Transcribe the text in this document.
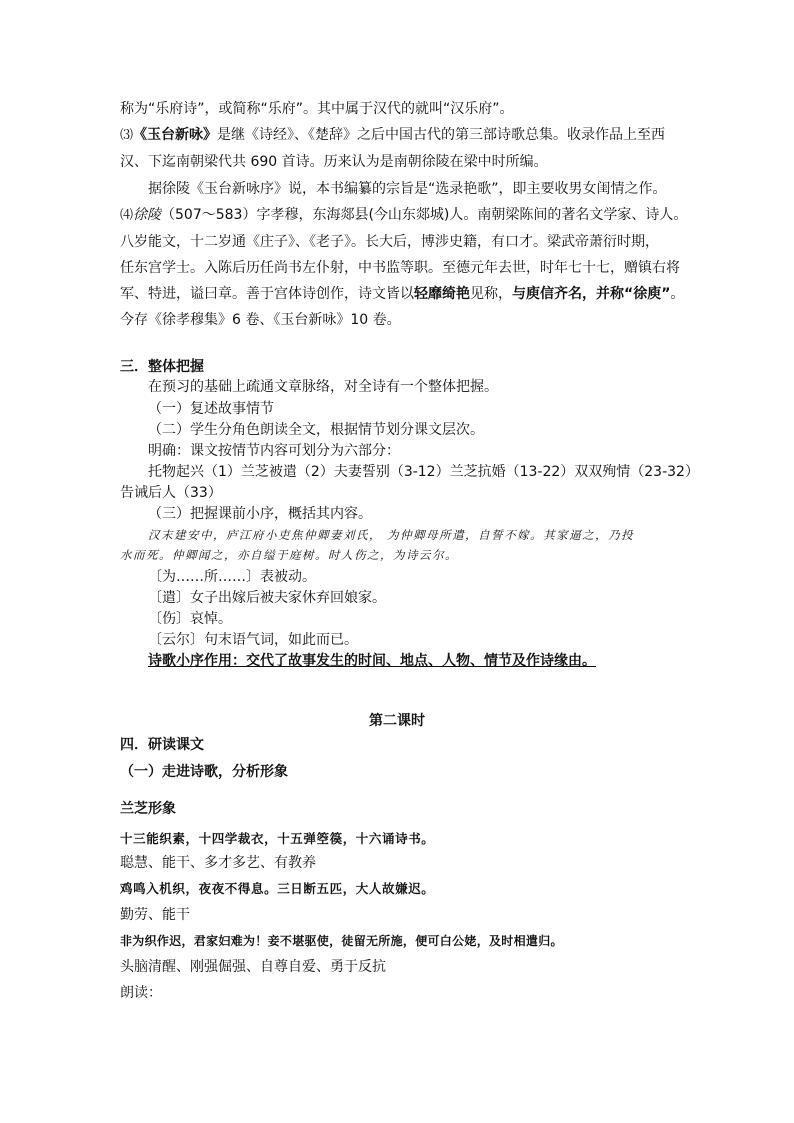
称为“乐府诗”，或简称“乐府”。其中属于汉代的就叫“汉乐府”。
⑶《玉台新咏》是继《诗经》、《楚辞》之后中国古代的第三部诗歌总集。收录作品上至西
汉、下迄南朝梁代共 690 首诗。历来认为是南朝徐陵在梁中时所编。
据徐陵《玉台新咏序》说，本书编纂的宗旨是“选录艳歌”，即主要收男女闺情之作。
⑷徐陵（507～583）字孝穆，东海郯县(今山东郯城)人。南朝梁陈间的著名文学家、诗人。
八岁能文，十二岁通《庄子》、《老子》。长大后，博涉史籍，有口才。梁武帝萧衍时期，
任东宫学士。入陈后历任尚书左仆射，中书监等职。至德元年去世，时年七十七，赠镇右将
军、特进，谥曰章。善于宫体诗创作，诗文皆以轻靡绮艳见称，与庾信齐名，并称“徐庾”。
今存《徐孝穆集》6 卷、《玉台新咏》10 卷。
三．整体把握
在预习的基础上疏通文章脉络，对全诗有一个整体把握。
（一）复述故事情节
（二）学生分角色朗读全文，根据情节划分课文层次。
明确：课文按情节内容可划分为六部分：
托物起兴（1）兰芝被遣（2）夫妻誓别（3-12）兰芝抗婚（13-22）双双殉情（23-32）
告诫后人（33）
（三）把握课前小序，概括其内容。
汉末建安中，庐江府小吏焦仲卿妻刘氏， 为仲卿母所遣，自誓不嫁。其家逼之，乃投
水而死。仲卿闻之，亦自缢于庭树。时人伤之，为诗云尔。
〔为……所……〕表被动。
〔遣〕女子出嫁后被夫家休弃回娘家。
〔伤〕哀悼。
〔云尔〕句末语气词，如此而已。
诗歌小序作用：交代了故事发生的时间、地点、人物、情节及作诗缘由。
第二课时
四．研读课文
（一）走进诗歌，分析形象
兰芝形象
十三能织素，十四学裁衣，十五弹箜篌，十六诵诗书。
聪慧、能干、多才多艺、有教养
鸡鸣入机织，夜夜不得息。三日断五匹，大人故嫌迟。
勤劳、能干
非为织作迟，君家妇难为！妾不堪驱使，徒留无所施，便可白公姥，及时相遣归。
头脑清醒、刚强倔强、自尊自爱、勇于反抗
朗读：
